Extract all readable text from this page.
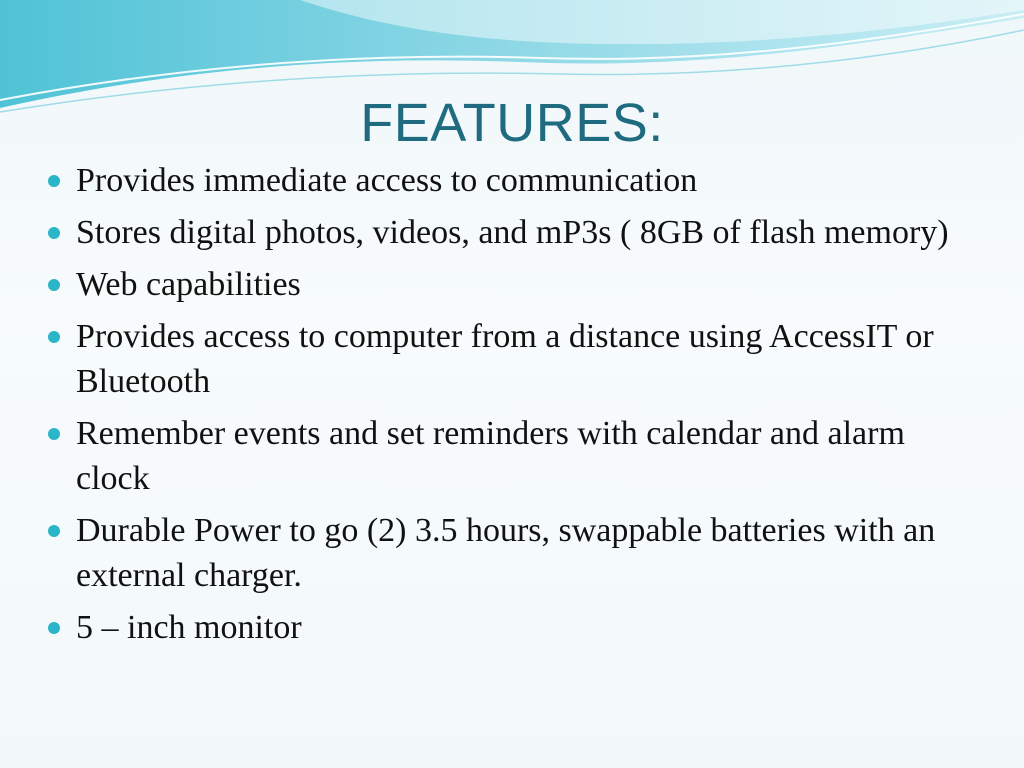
FEATURES:
Provides immediate access to communication
Stores digital photos, videos, and mP3s ( 8GB of flash memory)
Web capabilities
Provides access to computer from a distance using AccessIT or Bluetooth
Remember events and set reminders with calendar and alarm clock
Durable Power to go (2) 3.5 hours, swappable batteries with an external charger.
5 – inch monitor
